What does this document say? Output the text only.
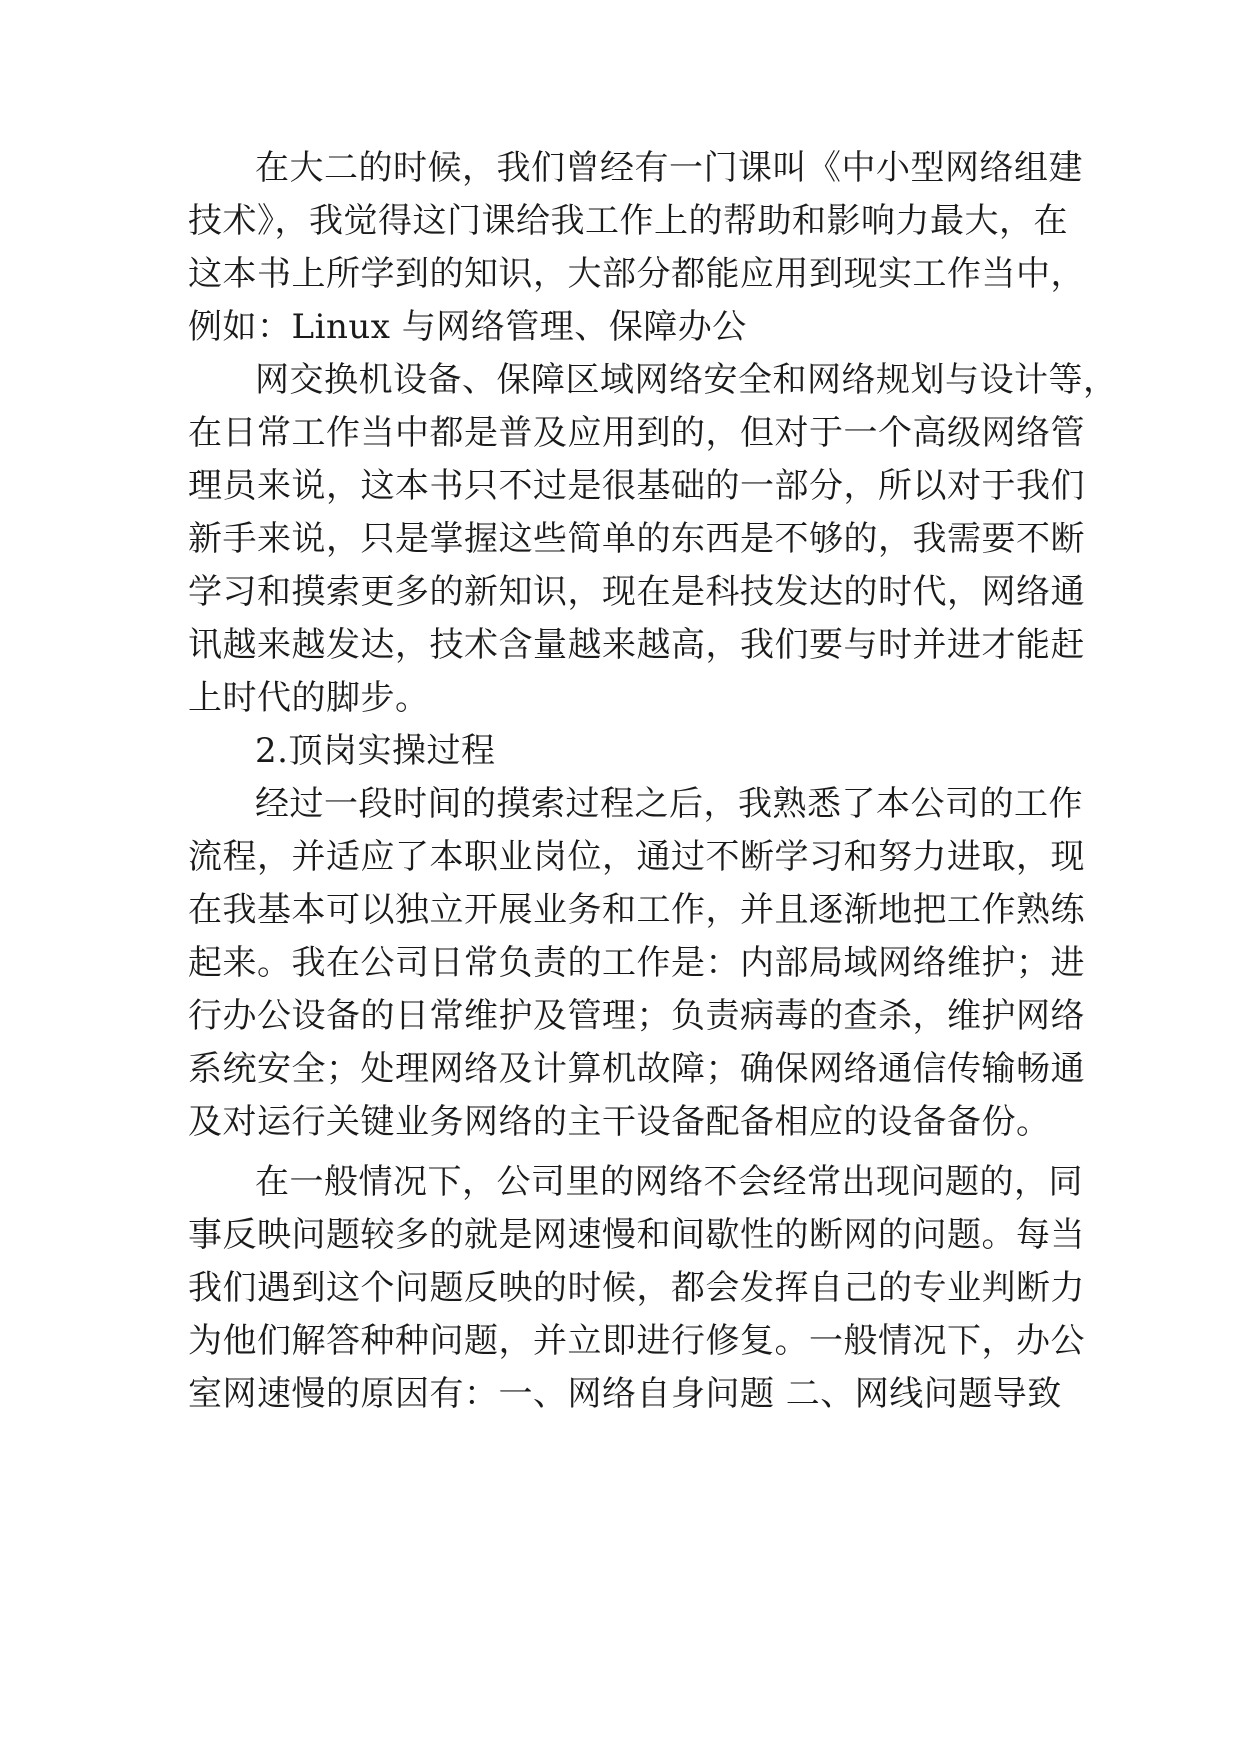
在大二的时候，我们曾经有一门课叫《中小型网络组建
技术》，我觉得这门课给我工作上的帮助和影响力最大，在
这本书上所学到的知识，大部分都能应用到现实工作当中，
例如：Linux 与网络管理、保障办公
网交换机设备、保障区域网络安全和网络规划与设计等，
在日常工作当中都是普及应用到的，但对于一个高级网络管
理员来说，这本书只不过是很基础的一部分，所以对于我们
新手来说，只是掌握这些简单的东西是不够的，我需要不断
学习和摸索更多的新知识，现在是科技发达的时代，网络通
讯越来越发达，技术含量越来越高，我们要与时并进才能赶
上时代的脚步。
2.顶岗实操过程
经过一段时间的摸索过程之后，我熟悉了本公司的工作
流程，并适应了本职业岗位，通过不断学习和努力进取，现
在我基本可以独立开展业务和工作，并且逐渐地把工作熟练
起来。我在公司日常负责的工作是：内部局域网络维护；进
行办公设备的日常维护及管理；负责病毒的查杀，维护网络
系统安全；处理网络及计算机故障；确保网络通信传输畅通
及对运行关键业务网络的主干设备配备相应的设备备份。
在一般情况下，公司里的网络不会经常出现问题的，同
事反映问题较多的就是网速慢和间歇性的断网的问题。每当
我们遇到这个问题反映的时候，都会发挥自己的专业判断力
为他们解答种种问题，并立即进行修复。一般情况下，办公
室网速慢的原因有：一、网络自身问题 二、网线问题导致
